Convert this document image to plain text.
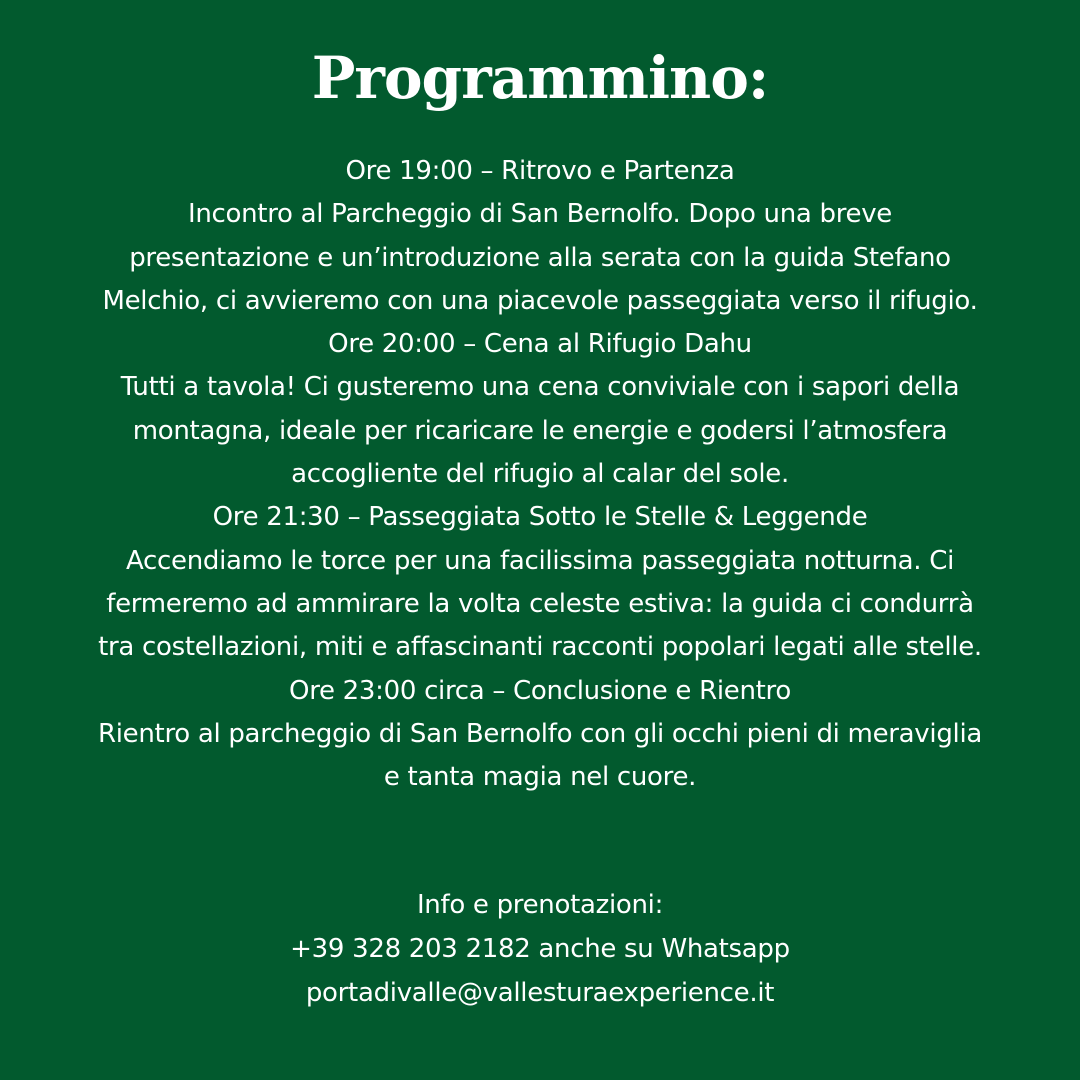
Programmino:

Ore 19:00 – Ritrovo e Partenza

Incontro al Parcheggio di San Bernolfo. Dopo una breve

presentazione e un’introduzione alla serata con la guida Stefano

Melchio, ci avvieremo con una piacevole passeggiata verso il rifugio.

Ore 20:00 – Cena al Rifugio Dahu

Tutti a tavola! Ci gusteremo una cena conviviale con i sapori della

montagna, ideale per ricaricare le energie e godersi l’atmosfera

accogliente del rifugio al calar del sole.

Ore 21:30 – Passeggiata Sotto le Stelle & Leggende

Accendiamo le torce per una facilissima passeggiata notturna. Ci

fermeremo ad ammirare la volta celeste estiva: la guida ci condurrà

tra costellazioni, miti e affascinanti racconti popolari legati alle stelle.

Ore 23:00 circa – Conclusione e Rientro

Rientro al parcheggio di San Bernolfo con gli occhi pieni di meraviglia

e tanta magia nel cuore.

Info e prenotazioni:

+39 328 203 2182 anche su Whatsapp

portadivalle@vallesturaexperience.it
